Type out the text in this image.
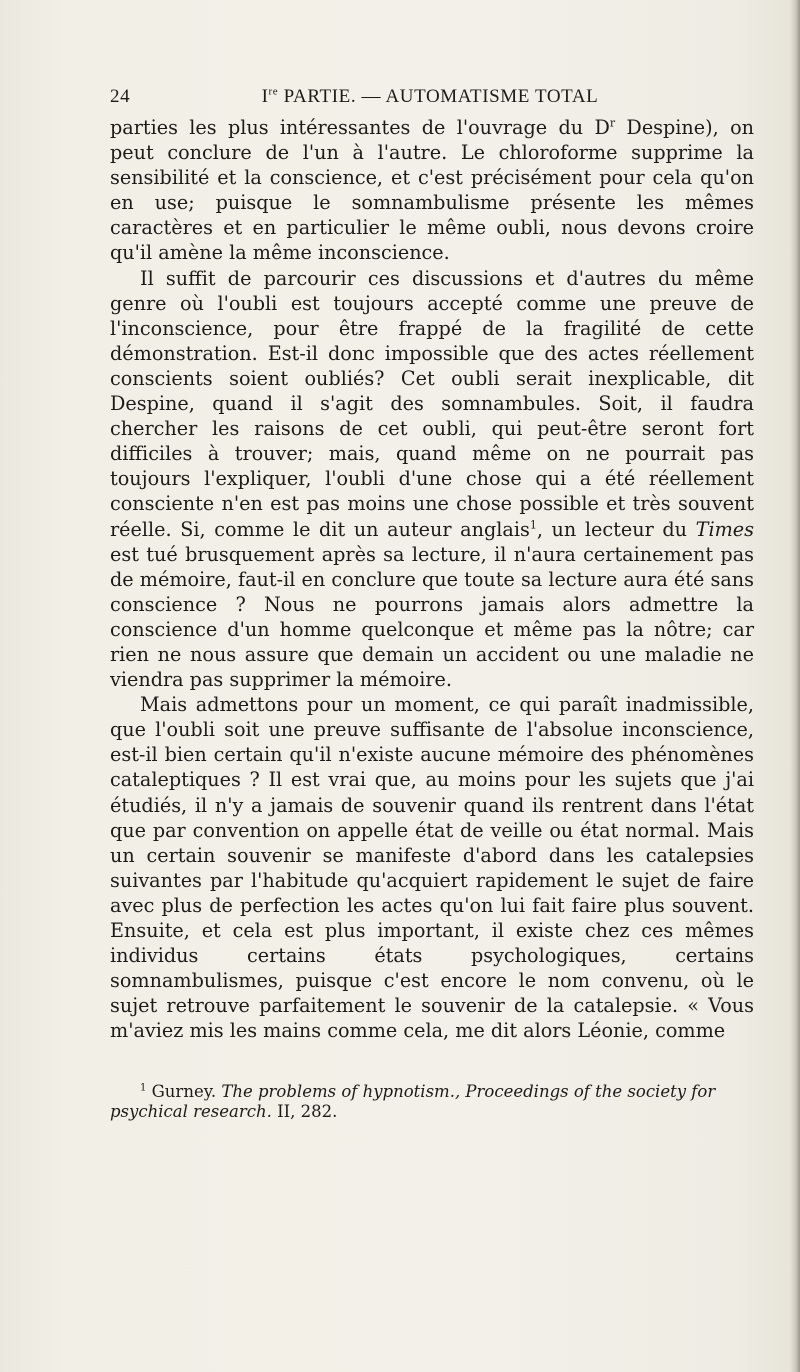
24	Ire PARTIE. — AUTOMATISME TOTAL

parties les plus intéressantes de l'ouvrage du $D^r$ Despine), on peut conclure de l'un à l'autre. Le chloroforme supprime la sensibilité et la conscience, et c'est précisément pour cela qu'on en use; puisque le somnambulisme présente les mêmes caractères et en particulier le même oubli, nous devons croire qu'il amène la même inconscience.

Il suffit de parcourir ces discussions et d'autres du même genre où l'oubli est toujours accepté comme une preuve de l'inconscience, pour être frappé de la fragilité de cette démonstration. Est-il donc impossible que des actes réellement conscients soient oubliés? Cet oubli serait inexplicable, dit Despine, quand il s'agit des somnambules. Soit, il faudra chercher les raisons de cet oubli, qui peut-être seront fort difficiles à trouver; mais, quand même on ne pourrait pas toujours l'expliquer, l'oubli d'une chose qui a été réellement consciente n'en est pas moins une chose possible et très souvent réelle. Si, comme le dit un auteur anglais$^1$, un lecteur du Times est tué brusquement après sa lecture, il n'aura certainement pas de mémoire, faut-il en conclure que toute sa lecture aura été sans conscience ? Nous ne pourrons jamais alors admettre la conscience d'un homme quelconque et même pas la nôtre; car rien ne nous assure que demain un accident ou une maladie ne viendra pas supprimer la mémoire.

Mais admettons pour un moment, ce qui paraît inadmissible, que l'oubli soit une preuve suffisante de l'absolue inconscience, est-il bien certain qu'il n'existe aucune mémoire des phénomènes cataleptiques ? Il est vrai que, au moins pour les sujets que j'ai étudiés, il n'y a jamais de souvenir quand ils rentrent dans l'état que par convention on appelle état de veille ou état normal. Mais un certain souvenir se manifeste d'abord dans les catalepsies suivantes par l'habitude qu'acquiert rapidement le sujet de faire avec plus de perfection les actes qu'on lui fait faire plus souvent. Ensuite, et cela est plus important, il existe chez ces mêmes individus certains états psychologiques, certains somnambulismes, puisque c'est encore le nom convenu, où le sujet retrouve parfaitement le souvenir de la catalepsie. « Vous m'aviez mis les mains comme cela, me dit alors Léonie, comme

$^1$ Gurney. The problems of hypnotism., Proceedings of the society for psychical research. II, 282.
